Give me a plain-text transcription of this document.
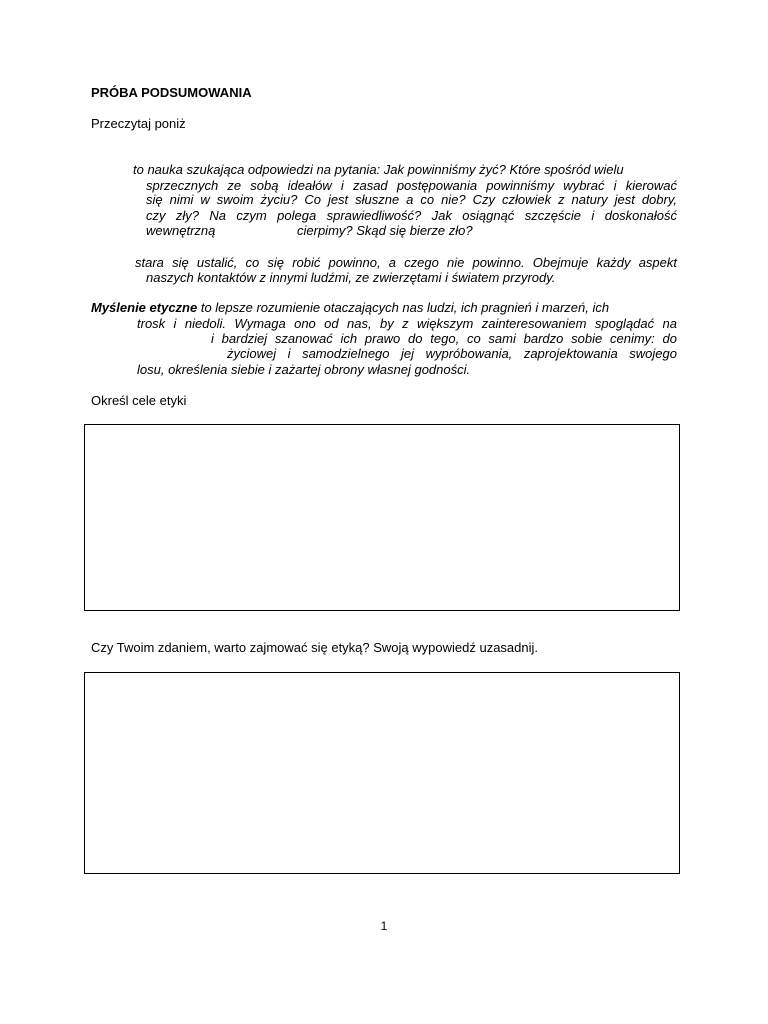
PRÓBA PODSUMOWANIA
Przeczytaj poniż
to nauka szukająca odpowiedzi na pytania: Jak powinniśmy żyć? Które spośród wielu
sprzecznych ze sobą ideałów i zasad postępowania powinniśmy wybrać i kierować
się nimi w swoim życiu? Co jest słuszne a co nie? Czy człowiek z natury jest dobry,
czy zły? Na czym polega sprawiedliwość? Jak osiągnąć szczęście i doskonałość
wewnętrzną	cierpimy? Skąd się bierze zło?
stara się ustalić, co się robić powinno, a czego nie powinno. Obejmuje każdy aspekt
naszych kontaktów z innymi ludźmi, ze zwierzętami i światem przyrody.
Myślenie etyczne to lepsze rozumienie otaczających nas ludzi, ich pragnień i marzeń, ich
trosk i niedoli. Wymaga ono od nas, by z większym zainteresowaniem spoglądać na
i bardziej szanować ich prawo do tego, co sami bardzo sobie cenimy: do
życiowej i samodzielnego jej wypróbowania, zaprojektowania swojego
losu, określenia siebie i zażartej obrony własnej godności.
Określ cele etyki
Czy Twoim zdaniem, warto zajmować się etyką? Swoją wypowiedź uzasadnij.
1
